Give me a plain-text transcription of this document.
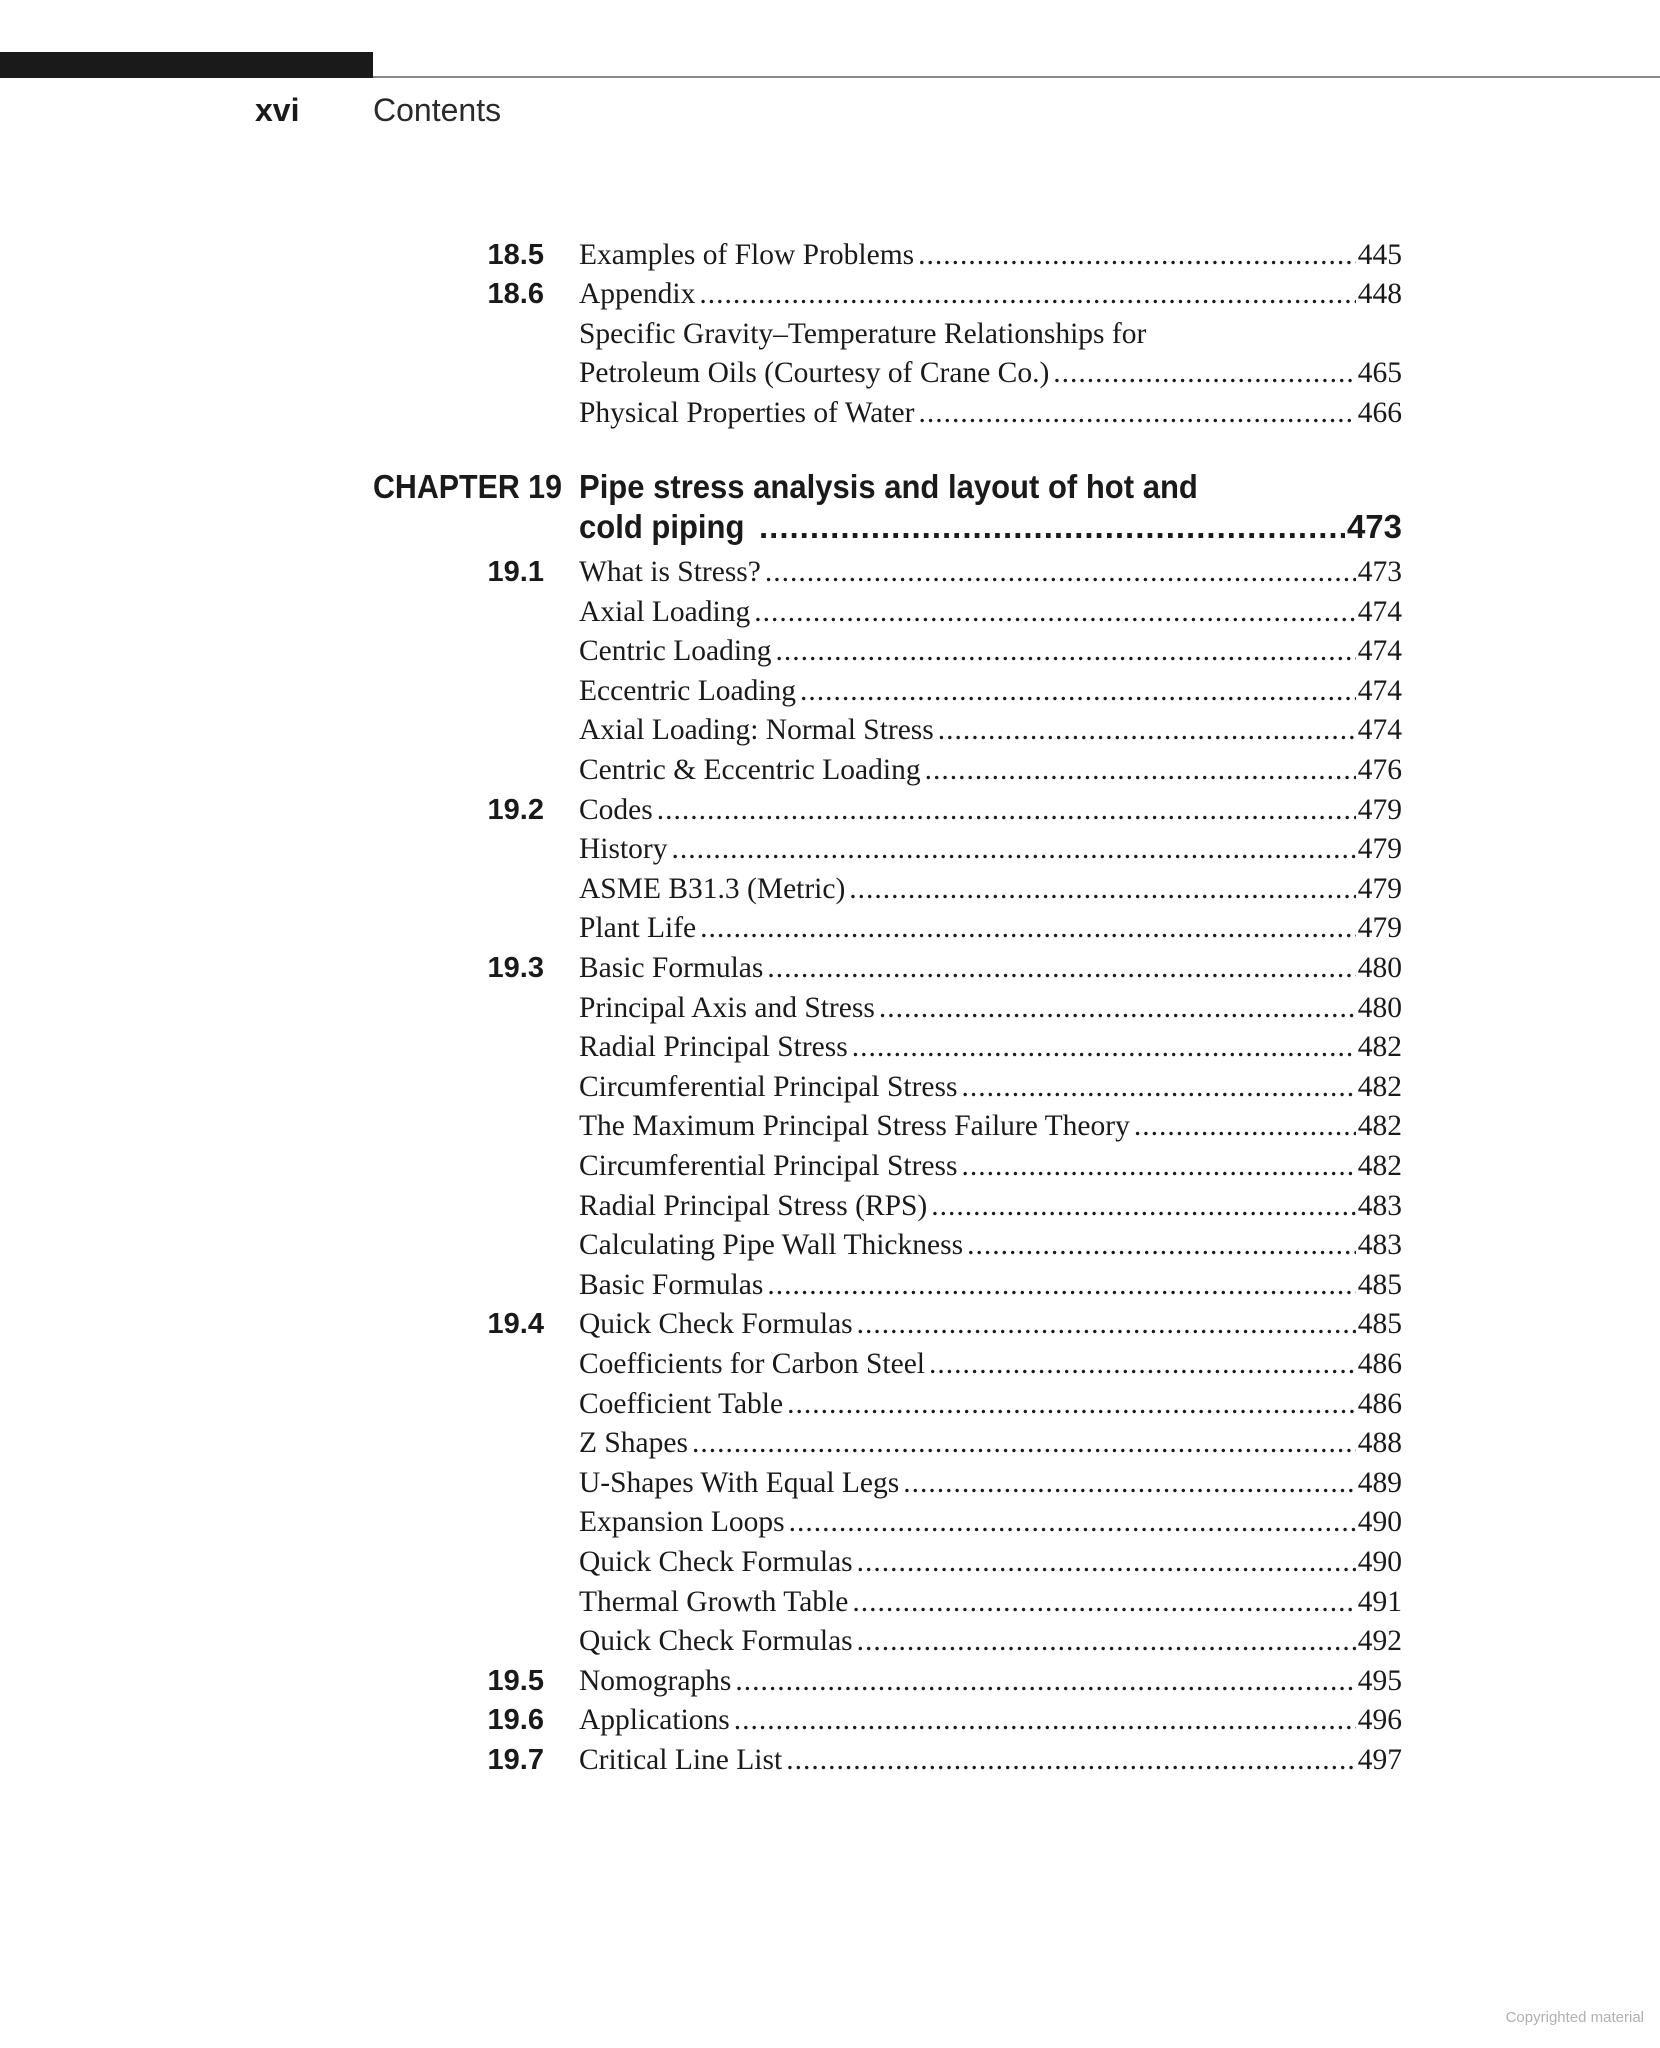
xvi Contents
18.5 Examples of Flow Problems .....	445
18.6 Appendix .....	448
Specific Gravity–Temperature Relationships for
Petroleum Oils (Courtesy of Crane Co.) .....	465
Physical Properties of Water .....	466
CHAPTER 19 Pipe stress analysis and layout of hot and
cold piping .....	473
19.1 What is Stress? .....	473
Axial Loading .....	474
Centric Loading .....	474
Eccentric Loading .....	474
Axial Loading: Normal Stress .....	474
Centric & Eccentric Loading .....	476
19.2 Codes .....	479
History .....	479
ASME B31.3 (Metric) .....	479
Plant Life .....	479
19.3 Basic Formulas .....	480
Principal Axis and Stress .....	480
Radial Principal Stress .....	482
Circumferential Principal Stress .....	482
The Maximum Principal Stress Failure Theory .....	482
Circumferential Principal Stress .....	482
Radial Principal Stress (RPS) .....	483
Calculating Pipe Wall Thickness .....	483
Basic Formulas .....	485
19.4 Quick Check Formulas .....	485
Coefficients for Carbon Steel .....	486
Coefficient Table .....	486
Z Shapes .....	488
U-Shapes With Equal Legs .....	489
Expansion Loops .....	490
Quick Check Formulas .....	490
Thermal Growth Table .....	491
Quick Check Formulas .....	492
19.5 Nomographs .....	495
19.6 Applications .....	496
19.7 Critical Line List .....	497
Copyrighted material
